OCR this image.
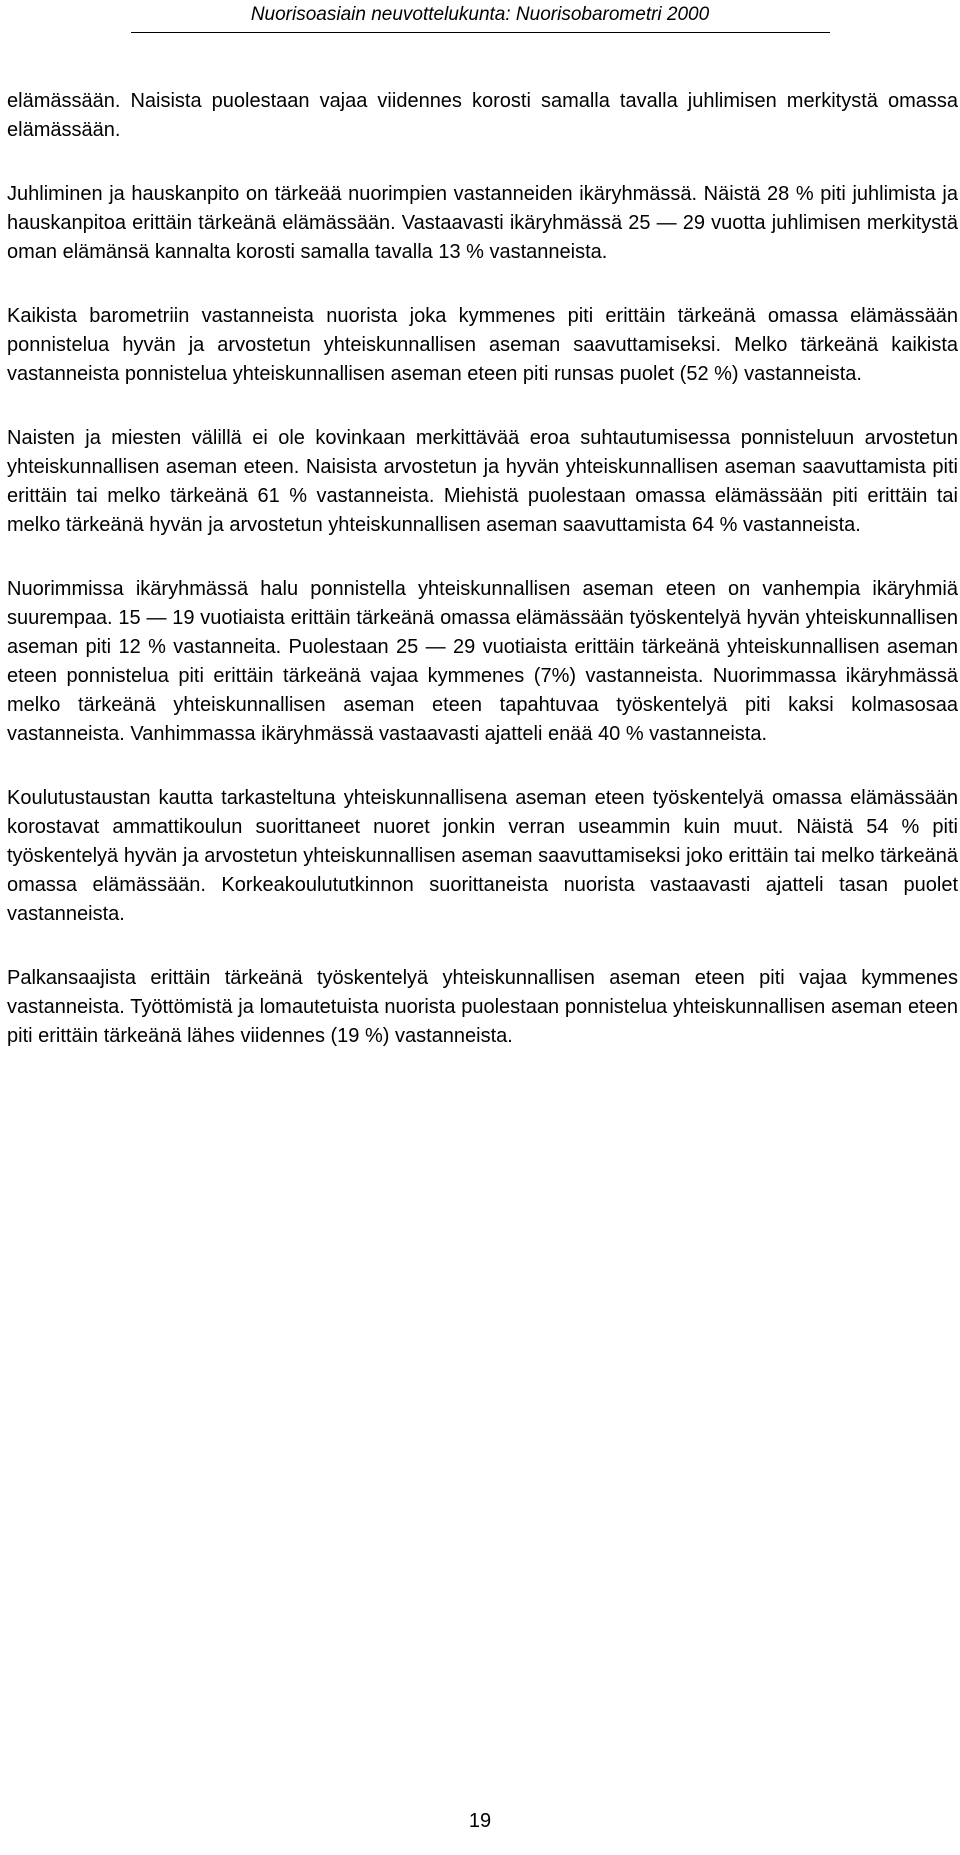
Nuorisoasiain neuvottelukunta: Nuorisobarometri 2000

elämässään. Naisista puolestaan vajaa viidennes korosti samalla tavalla juhlimisen merkitystä omassa elämässään.

Juhliminen ja hauskanpito on tärkeää nuorimpien vastanneiden ikäryhmässä. Näistä 28 % piti juhlimista ja hauskanpitoa erittäin tärkeänä elämässään. Vastaavasti ikäryhmässä 25 — 29 vuotta juhlimisen merkitystä oman elämänsä kannalta korosti samalla tavalla 13 % vastanneista.

Kaikista barometriin vastanneista nuorista joka kymmenes piti erittäin tärkeänä omassa elämässään ponnistelua hyvän ja arvostetun yhteiskunnallisen aseman saavuttamiseksi. Melko tärkeänä kaikista vastanneista ponnistelua yhteiskunnallisen aseman eteen piti runsas puolet (52 %) vastanneista.

Naisten ja miesten välillä ei ole kovinkaan merkittävää eroa suhtautumisessa ponnisteluun arvostetun yhteiskunnallisen aseman eteen. Naisista arvostetun ja hyvän yhteiskunnallisen aseman saavuttamista piti erittäin tai melko tärkeänä 61 % vastanneista. Miehistä puolestaan omassa elämässään piti erittäin tai melko tärkeänä hyvän ja arvostetun yhteiskunnallisen aseman saavuttamista 64 % vastanneista.

Nuorimmissa ikäryhmässä halu ponnistella yhteiskunnallisen aseman eteen on vanhempia ikäryhmiä suurempaa. 15 — 19 vuotiaista erittäin tärkeänä omassa elämässään työskentelyä hyvän yhteiskunnallisen aseman piti 12 % vastanneita. Puolestaan 25 — 29 vuotiaista erittäin tärkeänä yhteiskunnallisen aseman eteen ponnistelua piti erittäin tärkeänä vajaa kymmenes (7%) vastanneista. Nuorimmassa ikäryhmässä melko tärkeänä yhteiskunnallisen aseman eteen tapahtuvaa työskentelyä piti kaksi kolmasosaa vastanneista. Vanhimmassa ikäryhmässä vastaavasti ajatteli enää 40 % vastanneista.

Koulutustaustan kautta tarkasteltuna yhteiskunnallisena aseman eteen työskentelyä omassa elämässään korostavat ammattikoulun suorittaneet nuoret jonkin verran useammin kuin muut. Näistä 54 % piti työskentelyä hyvän ja arvostetun yhteiskunnallisen aseman saavuttamiseksi joko erittäin tai melko tärkeänä omassa elämässään. Korkeakoulututkinnon suorittaneista nuorista vastaavasti ajatteli tasan puolet vastanneista.

Palkansaajista erittäin tärkeänä työskentelyä yhteiskunnallisen aseman eteen piti vajaa kymmenes vastanneista. Työttömistä ja lomautetuista nuorista puolestaan ponnistelua yhteiskunnallisen aseman eteen piti erittäin tärkeänä lähes viidennes (19 %) vastanneista.

19
